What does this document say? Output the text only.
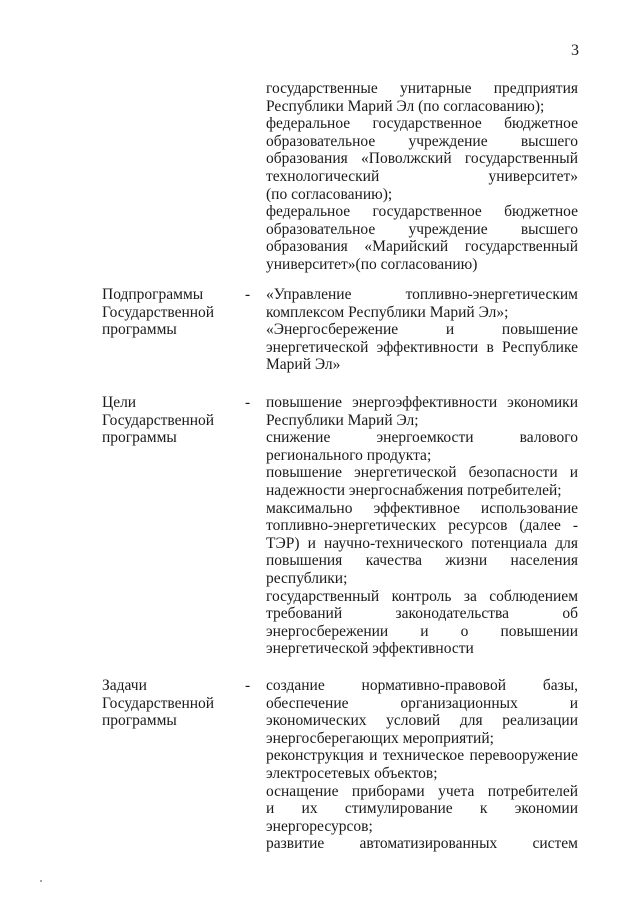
3
государственные унитарные предприятия
Республики Марий Эл (по согласованию);
федеральное государственное бюджетное
образовательное учреждение высшего
образования «Поволжский государственный
технологический университет»
(по согласованию);
федеральное государственное бюджетное
образовательное учреждение высшего
образования «Марийский государственный
университет»(по согласованию)
Подпрограммы
Государственной
программы
- «Управление топливно-энергетическим
комплексом Республики Марий Эл»;
«Энергосбережение и повышение
энергетической эффективности в Республике
Марий Эл»
Цели
Государственной
программы
- повышение энергоэффективности экономики
Республики Марий Эл;
снижение энергоемкости валового
регионального продукта;
повышение энергетической безопасности и
надежности энергоснабжения потребителей;
максимально эффективное использование
топливно-энергетических ресурсов (далее -
ТЭР) и научно-технического потенциала для
повышения качества жизни населения
республики;
государственный контроль за соблюдением
требований законодательства об
энергосбережении и о повышении
энергетической эффективности
Задачи
Государственной
программы
- создание нормативно-правовой базы,
обеспечение организационных и
экономических условий для реализации
энергосберегающих мероприятий;
реконструкция и техническое перевооружение
электросетевых объектов;
оснащение приборами учета потребителей
и их стимулирование к экономии
энергоресурсов;
развитие автоматизированных систем
